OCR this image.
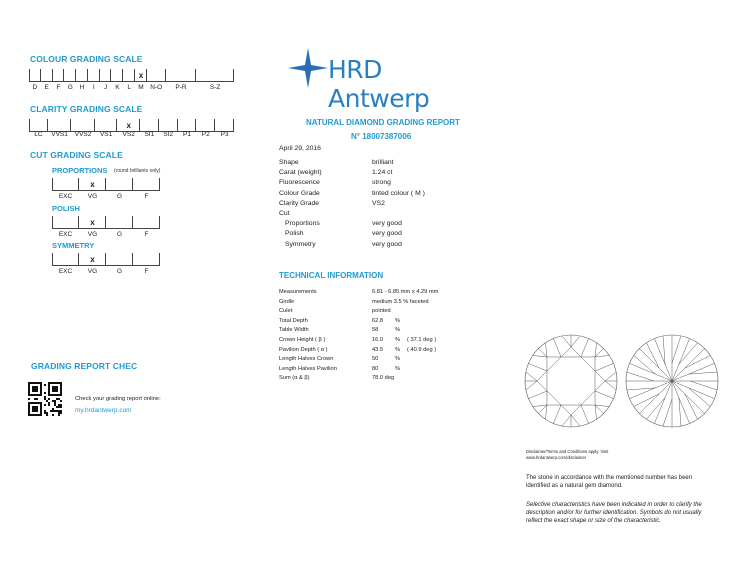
HRD Antwerp
COLOUR GRADING SCALE
x
D E F G H I J K L M N-O P-R	S-Z
CLARITY GRADING SCALE
x
LC VVS1 VVS2 VS1 VS2 SI1 SI2 P1 P2 P3
CUT GRADING SCALE
PROPORTIONS (round brilliants only)
x
EXC VG	G	F
POLISH
x
EXC VG	G	F
SYMMETRY
x
EXC VG	G	F
GRADING REPORT CHEC
Check your grading report online:
my.hrdantwerp.com
NATURAL DIAMOND GRADING REPORT
N° 18007387006
April 29, 2016
Shape	brilliant
Carat (weight)	1.24 ct
Fluorescence	strong
Colour Grade	tinted colour ( M )
Clarity Grade	VS2
Cut
Proportions	very good
Polish	very good
Symmetry	very good
TECHNICAL INFORMATION
Measurements	6.81 - 6.85 mm x 4.29 mm
Girdle	medium 3.5 % faceted
Culet	pointed
Total Depth	62.8 %
Table Width	58	%
Crown Height ( β )	16.0 % ( 37.1 deg )
Pavilion Depth ( α )	43.5 % ( 40.9 deg )
Length Halves Crown	50	%
Length Halves Pavilion	80	%
Sum (α & β)	78.0 deg
Disclaimer/Terms and Conditions apply. Visit
www.hrdantwerp.com/disclaimer
The stone in accordance with the mentioned number has been identified as a natural gem diamond.
Selective characteristics have been indicated in order to clarify the description and/or for further identification. Symbols do not usually reflect the exact shape or size of the characteristic.
